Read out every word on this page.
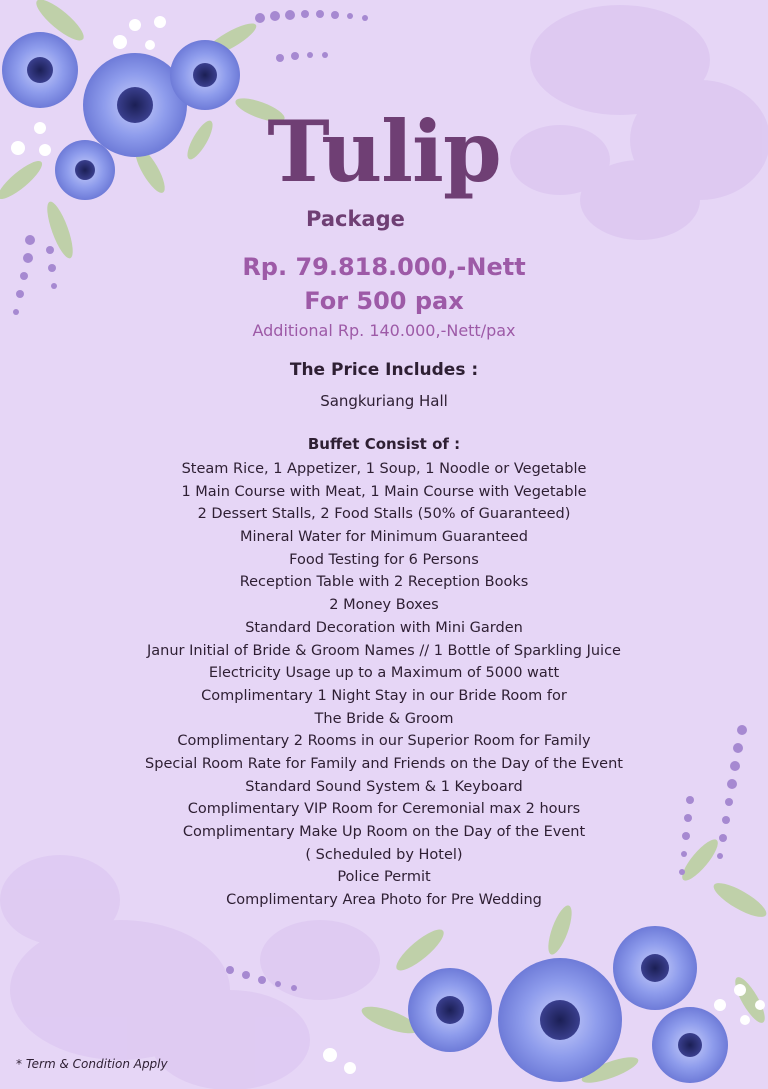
Tulip
Package
Rp. 79.818.000,-Nett
For 500 pax
Additional Rp. 140.000,-Nett/pax
The Price Includes :
Sangkuriang Hall
Buffet Consist of :
Steam Rice, 1 Appetizer, 1 Soup, 1 Noodle or Vegetable
1 Main Course with Meat, 1 Main Course with Vegetable
2 Dessert Stalls, 2 Food Stalls (50% of Guaranteed)
Mineral Water for Minimum Guaranteed
Food Testing for 6 Persons
Reception Table with 2 Reception Books
2 Money Boxes
Standard Decoration with Mini Garden
Janur Initial of Bride & Groom Names // 1 Bottle of Sparkling Juice
Electricity Usage up to a Maximum of 5000 watt
Complimentary 1 Night Stay in our Bride Room for
The Bride & Groom
Complimentary 2 Rooms in our Superior Room for Family
Special Room Rate for Family and Friends on the Day of the Event
Standard Sound System & 1 Keyboard
Complimentary VIP Room for Ceremonial max 2 hours
Complimentary Make Up Room on the Day of the Event
( Scheduled by Hotel)
Police Permit
Complimentary Area Photo for Pre Wedding
* Term & Condition Apply
